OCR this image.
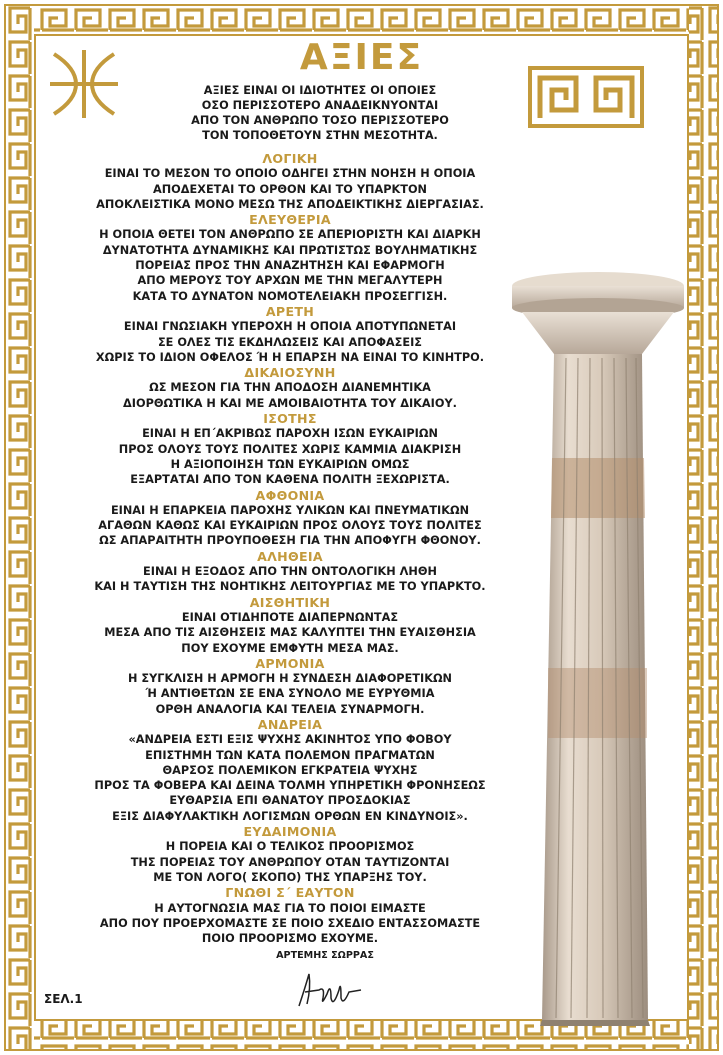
ΑΞΙΕΣ
ΑΞΙΕΣ ΕΙΝΑΙ ΟΙ ΙΔΙΟΤΗΤΕΣ ΟΙ ΟΠΟΙΕΣ
ΟΣΟ ΠΕΡΙΣΣΟΤΕΡΟ ΑΝΑΔΕΙΚΝΥΟΝΤΑΙ
ΑΠΟ ΤΟΝ ΑΝΘΡΩΠΟ ΤΟΣΟ ΠΕΡΙΣΣΟΤΕΡΟ
ΤΟΝ ΤΟΠΟΘΕΤΟΥΝ ΣΤΗΝ ΜΕΣΟΤΗΤΑ.
ΛΟΓΙΚΗ
ΕΙΝΑΙ ΤΟ ΜΕΣΟΝ ΤΟ ΟΠΟΙΟ ΟΔΗΓΕΙ ΣΤΗΝ ΝΟΗΣΗ Η ΟΠΟΙΑ
ΑΠΟΔΕΧΕΤΑΙ ΤΟ ΟΡΘΟΝ ΚΑΙ ΤΟ ΥΠΑΡΚΤΟΝ
ΑΠΟΚΛΕΙΣΤΙΚΑ ΜΟΝΟ ΜΕΣΩ ΤΗΣ ΑΠΟΔΕΙΚΤΙΚΗΣ ΔΙΕΡΓΑΣΙΑΣ.
ΕΛΕΥΘΕΡΙΑ
Η ΟΠΟΙΑ ΘΕΤΕΙ ΤΟΝ ΑΝΘΡΩΠΟ ΣΕ ΑΠΕΡΙΟΡΙΣΤΗ ΚΑΙ ΔΙΑΡΚΗ
ΔΥΝΑΤΟΤΗΤΑ ΔΥΝΑΜΙΚΗΣ ΚΑΙ ΠΡΩΤΙΣΤΩΣ ΒΟΥΛΗΜΑΤΙΚΗΣ
ΠΟΡΕΙΑΣ ΠΡΟΣ ΤΗΝ ΑΝΑΖΗΤΗΣΗ ΚΑΙ ΕΦΑΡΜΟΓΗ
ΑΠΟ ΜΕΡΟΥΣ ΤΟΥ ΑΡΧΩΝ ΜΕ ΤΗΝ ΜΕΓΑΛΥΤΕΡΗ
ΚΑΤΑ ΤΟ ΔΥΝΑΤΟΝ ΝΟΜΟΤΕΛΕΙΑΚΗ ΠΡΟΣΕΓΓΙΣΗ.
ΑΡΕΤΗ
ΕΙΝΑΙ ΓΝΩΣΙΑΚΗ ΥΠΕΡΟΧΗ Η ΟΠΟΙΑ ΑΠΟΤΥΠΩΝΕΤΑΙ
ΣΕ ΟΛΕΣ ΤΙΣ ΕΚΔΗΛΩΣΕΙΣ ΚΑΙ ΑΠΟΦΑΣΕΙΣ
ΧΩΡΙΣ ΤΟ ΙΔΙΟΝ ΟΦΕΛΟΣ Ή Η ΕΠΑΡΣΗ ΝΑ ΕΙΝΑΙ ΤΟ ΚΙΝΗΤΡΟ.
ΔΙΚΑΙΟΣΥΝΗ
ΩΣ ΜΕΣΟΝ ΓΙΑ ΤΗΝ ΑΠΟΔΟΣΗ ΔΙΑΝΕΜΗΤΙΚΑ
ΔΙΟΡΘΩΤΙΚΑ Η ΚΑΙ ΜΕ ΑΜΟΙΒΑΙΟΤΗΤΑ ΤΟΥ ΔΙΚΑΙΟΥ.
ΙΣΟΤΗΣ
ΕΙΝΑΙ Η ΕΠ΄ΑΚΡΙΒΩΣ ΠΑΡΟΧΗ ΙΣΩΝ ΕΥΚΑΙΡΙΩΝ
ΠΡΟΣ ΟΛΟΥΣ ΤΟΥΣ ΠΟΛΙΤΕΣ ΧΩΡΙΣ ΚΑΜΜΙΑ ΔΙΑΚΡΙΣΗ
Η ΑΞΙΟΠΟΙΗΣΗ ΤΩΝ ΕΥΚΑΙΡΙΩΝ ΟΜΩΣ
ΕΞΑΡΤΑΤΑΙ ΑΠΟ ΤΟΝ ΚΑΘΕΝΑ ΠΟΛΙΤΗ ΞΕΧΩΡΙΣΤΑ.
ΑΦΘΟΝΙΑ
ΕΙΝΑΙ Η ΕΠΑΡΚΕΙΑ ΠΑΡΟΧΗΣ ΥΛΙΚΩΝ ΚΑΙ ΠΝΕΥΜΑΤΙΚΩΝ
ΑΓΑΘΩΝ ΚΑΘΩΣ ΚΑΙ ΕΥΚΑΙΡΙΩΝ ΠΡΟΣ ΟΛΟΥΣ ΤΟΥΣ ΠΟΛΙΤΕΣ
ΩΣ ΑΠΑΡΑΙΤΗΤΗ ΠΡΟΥΠΟΘΕΣΗ ΓΙΑ ΤΗΝ ΑΠΟΦΥΓΗ ΦΘΟΝΟΥ.
ΑΛΗΘΕΙΑ
ΕΙΝΑΙ Η ΕΞΟΔΟΣ ΑΠΟ ΤΗΝ ΟΝΤΟΛΟΓΙΚΗ ΛΗΘΗ
ΚΑΙ Η ΤΑΥΤΙΣΗ ΤΗΣ ΝΟΗΤΙΚΗΣ ΛΕΙΤΟΥΡΓΙΑΣ ΜΕ ΤΟ ΥΠΑΡΚΤΟ.
ΑΙΣΘΗΤΙΚΗ
ΕΙΝΑΙ ΟΤΙΔΗΠΟΤΕ ΔΙΑΠΕΡΝΩΝΤΑΣ
ΜΕΣΑ ΑΠΟ ΤΙΣ ΑΙΣΘΗΣΕΙΣ ΜΑΣ ΚΑΛΥΠΤΕΙ ΤΗΝ ΕΥΑΙΣΘΗΣΙΑ
ΠΟΥ ΕΧΟΥΜΕ ΕΜΦΥΤΗ ΜΕΣΑ ΜΑΣ.
ΑΡΜΟΝΙΑ
Η ΣΥΓΚΛΙΣΗ Η ΑΡΜΟΓΗ Η ΣΥΝΔΕΣΗ ΔΙΑΦΟΡΕΤΙΚΩΝ
Ή ΑΝΤΙΘΕΤΩΝ ΣΕ ΕΝΑ ΣΥΝΟΛΟ ΜΕ ΕΥΡΥΘΜΙΑ
ΟΡΘΗ ΑΝΑΛΟΓΙΑ ΚΑΙ ΤΕΛΕΙΑ ΣΥΝΑΡΜΟΓΗ.
ΑΝΔΡΕΙΑ
«ΑΝΔΡΕΙΑ ΕΣΤΙ ΕΞΙΣ ΨΥΧΗΣ ΑΚΙΝΗΤΟΣ ΥΠΟ ΦΟΒΟΥ
ΕΠΙΣΤΗΜΗ ΤΩΝ ΚΑΤΑ ΠΟΛΕΜΟΝ ΠΡΑΓΜΑΤΩΝ
ΘΑΡΣΟΣ ΠΟΛΕΜΙΚΟΝ ΕΓΚΡΑΤΕΙΑ ΨΥΧΗΣ
ΠΡΟΣ ΤΑ ΦΟΒΕΡΑ ΚΑΙ ΔΕΙΝΑ ΤΟΛΜΗ ΥΠΗΡΕΤΙΚΗ ΦΡΟΝΗΣΕΩΣ
ΕΥΘΑΡΣΙΑ ΕΠΙ ΘΑΝΑΤΟΥ ΠΡΟΣΔΟΚΙΑΣ
ΕΞΙΣ ΔΙΑΦΥΛΑΚΤΙΚΗ ΛΟΓΙΣΜΩΝ ΟΡΘΩΝ ΕΝ ΚΙΝΔΥΝΟΙΣ».
ΕΥΔΑΙΜΟΝΙΑ
Η ΠΟΡΕΙΑ ΚΑΙ Ο ΤΕΛΙΚΟΣ ΠΡΟΟΡΙΣΜΟΣ
ΤΗΣ ΠΟΡΕΙΑΣ ΤΟΥ ΑΝΘΡΩΠΟΥ ΟΤΑΝ ΤΑΥΤΙΖΟΝΤΑΙ
ΜΕ ΤΟΝ ΛΟΓΟ( ΣΚΟΠΟ) ΤΗΣ ΥΠΑΡΞΗΣ ΤΟΥ.
ΓΝΩΘΙ Σ΄ ΕΑΥΤΟΝ
Η ΑΥΤΟΓΝΩΣΙΑ ΜΑΣ ΓΙΑ ΤΟ ΠΟΙΟΙ ΕΙΜΑΣΤΕ
ΑΠΟ ΠΟΥ ΠΡΟΕΡΧΟΜΑΣΤΕ ΣΕ ΠΟΙΟ ΣΧΕΔΙΟ ΕΝΤΑΣΣΟΜΑΣΤΕ
ΠΟΙΟ ΠΡΟΟΡΙΣΜΟ ΕΧΟΥΜΕ.
ΑΡΤΕΜΗΣ ΣΩΡΡΑΣ
ΣΕΛ.1
